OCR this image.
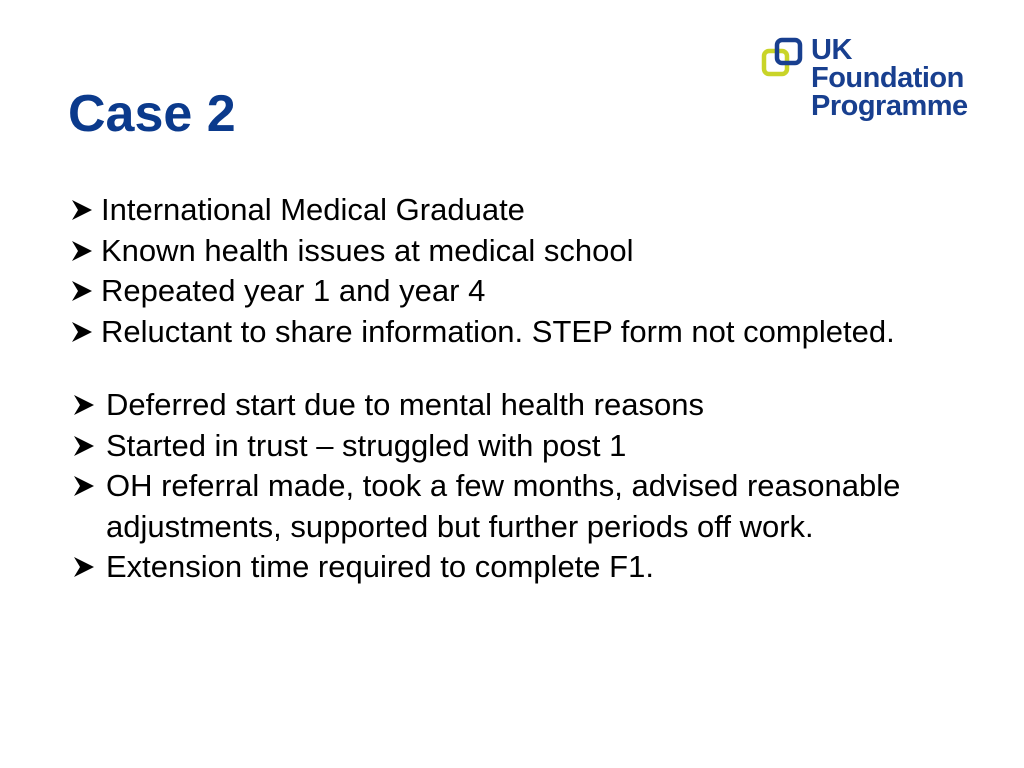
Case 2
UK
Foundation
Programme
International Medical Graduate
Known health issues at medical school
Repeated year 1 and year 4
Reluctant to share information. STEP form not completed.
Deferred start due to mental health reasons
Started in trust – struggled with post 1
OH referral made, took a few months, advised reasonable
adjustments, supported but further periods off work.
Extension time required to complete F1.
